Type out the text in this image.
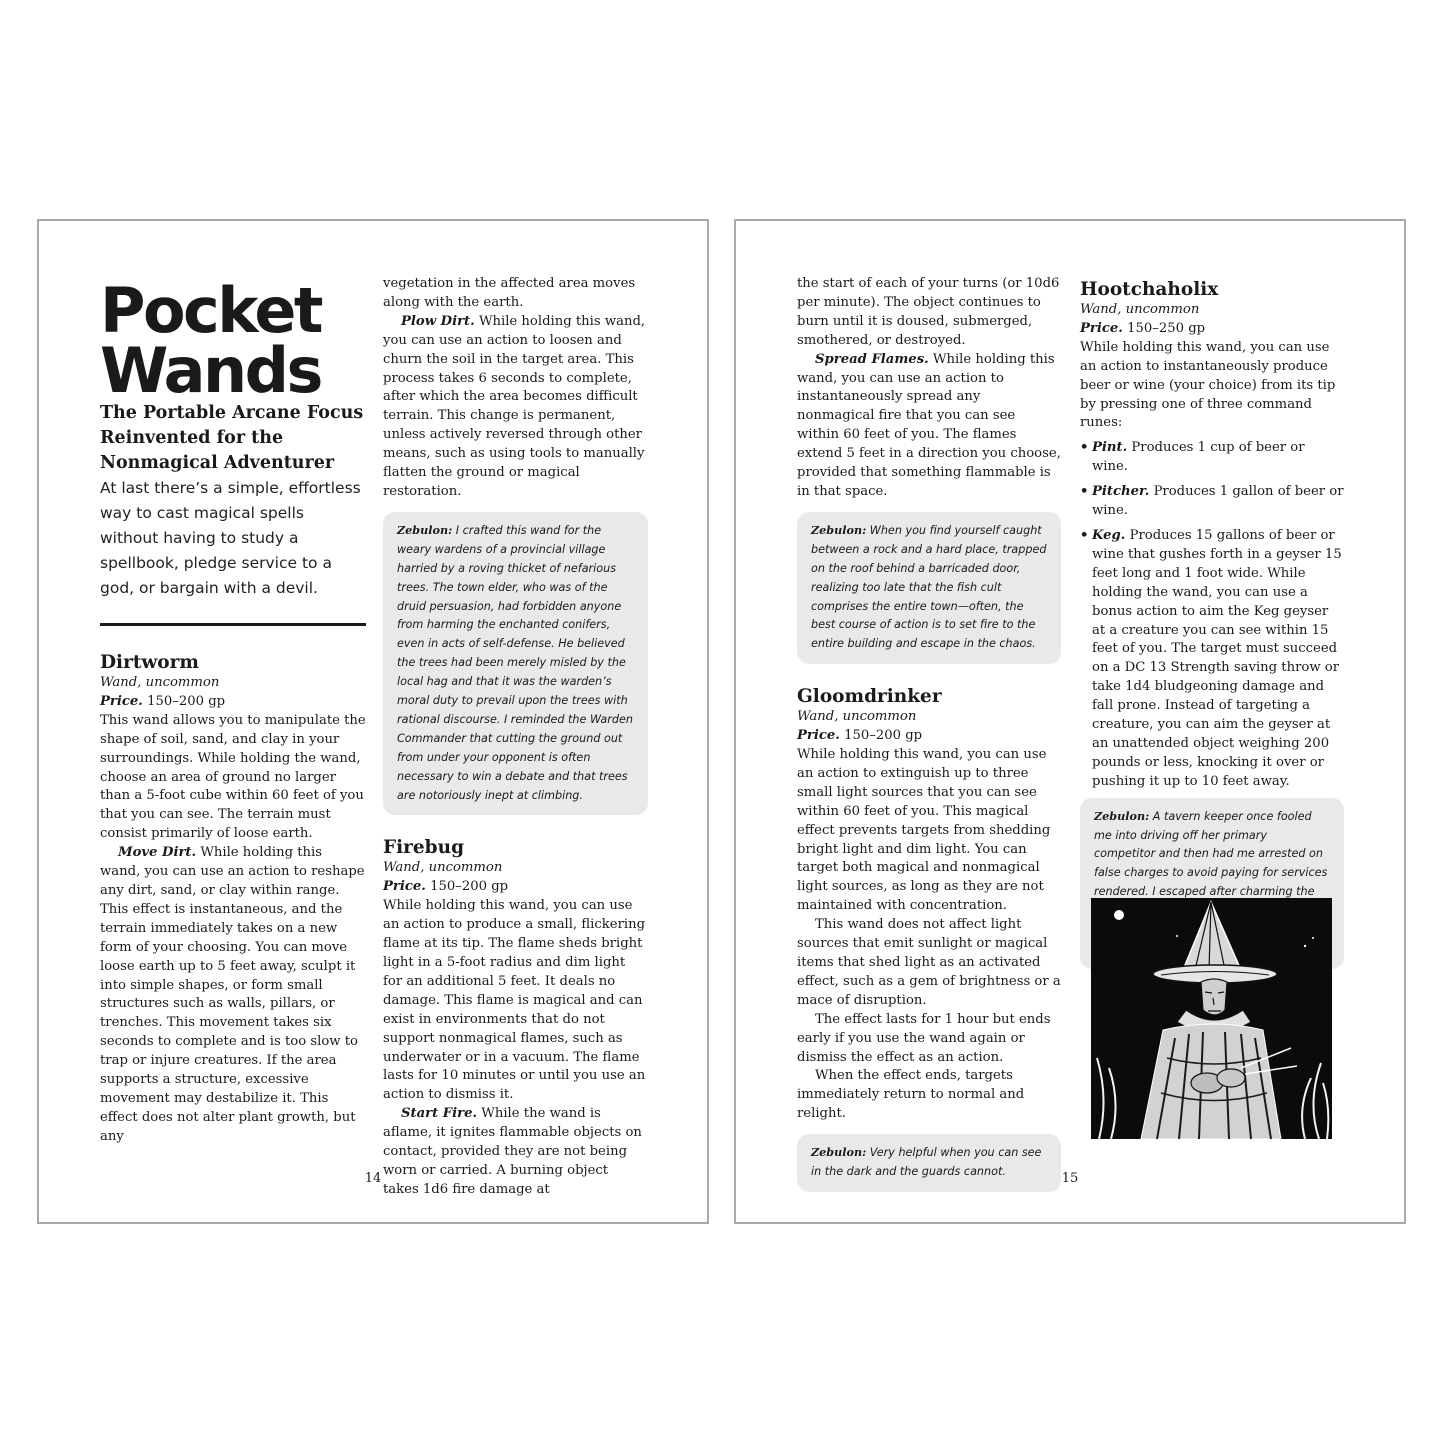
Pocket
Wands

The Portable Arcane Focus Reinvented for the Nonmagical Adventurer

At last there’s a simple, effortless way to cast magical spells without having to study a spellbook, pledge service to a god, or bargain with a devil.

Dirtworm

Wand, uncommon

Price. 150–200 gp

This wand allows you to manipulate the shape of soil, sand, and clay in your surroundings. While holding the wand, choose an area of ground no larger than a 5-foot cube within 60 feet of you that you can see. The terrain must consist primarily of loose earth.

Move Dirt. While holding this wand, you can use an action to reshape any dirt, sand, or clay within range. This effect is instantaneous, and the terrain immediately takes on a new form of your choosing. You can move loose earth up to 5 feet away, sculpt it into simple shapes, or form small structures such as walls, pillars, or trenches. This movement takes six seconds to complete and is too slow to trap or injure creatures. If the area supports a structure, excessive movement may destabilize it. This effect does not alter plant growth, but any

vegetation in the affected area moves along with the earth.

Plow Dirt. While holding this wand, you can use an action to loosen and churn the soil in the target area. This process takes 6 seconds to complete, after which the area becomes difficult terrain. This change is permanent, unless actively reversed through other means, such as using tools to manually flatten the ground or magical restoration.

Zebulon: I crafted this wand for the weary wardens of a provincial village harried by a roving thicket of nefarious trees. The town elder, who was of the druid persuasion, had forbidden anyone from harming the enchanted conifers, even in acts of self-defense. He believed the trees had been merely misled by the local hag and that it was the warden’s moral duty to prevail upon the trees with rational discourse. I reminded the Warden Commander that cutting the ground out from under your opponent is often necessary to win a debate and that trees are notoriously inept at climbing.
Firebug

Wand, uncommon

Price. 150–200 gp

While holding this wand, you can use an action to produce a small, flickering flame at its tip. The flame sheds bright light in a 5-foot radius and dim light for an additional 5 feet. It deals no damage. This flame is magical and can exist in environments that do not support nonmagical flames, such as underwater or in a vacuum. The flame lasts for 10 minutes or until you use an action to dismiss it.

Start Fire. While the wand is aflame, it ignites flammable objects on contact, provided they are not being worn or carried. A burning object takes 1d6 fire damage at

14

the start of each of your turns (or 10d6 per minute). The object continues to burn until it is doused, submerged, smothered, or destroyed.

Spread Flames. While holding this wand, you can use an action to instantaneously spread any nonmagical fire that you can see within 60 feet of you. The flames extend 5 feet in a direction you choose, provided that something flammable is in that space.

Zebulon: When you find yourself caught between a rock and a hard place, trapped on the roof behind a barricaded door, realizing too late that the fish cult comprises the entire town—often, the best course of action is to set fire to the entire building and escape in the chaos.
Gloomdrinker

Wand, uncommon

Price. 150–200 gp

While holding this wand, you can use an action to extinguish up to three small light sources that you can see within 60 feet of you. This magical effect prevents targets from shedding bright light and dim light. You can target both magical and nonmagical light sources, as long as they are not maintained with concentration.

This wand does not affect light sources that emit sunlight or magical items that shed light as an activated effect, such as a gem of brightness or a mace of disruption.

The effect lasts for 1 hour but ends early if you use the wand again or dismiss the effect as an action.

When the effect ends, targets immediately return to normal and relight.

Zebulon: Very helpful when you can see in the dark and the guards cannot.
Hootchaholix

Wand, uncommon

Price. 150–250 gp

While holding this wand, you can use an action to instantaneously produce beer or wine (your choice) from its tip by pressing one of three command runes:

• Pint. Produces 1 cup of beer or wine.
• Pitcher. Produces 1 gallon of beer or wine.
• Keg. Produces 15 gallons of beer or wine that gushes forth in a geyser 15 feet long and 1 foot wide. While holding the wand, you can use a bonus action to aim the Keg geyser at a creature you can see within 15 feet of you. The target must succeed on a DC 13 Strength saving throw or take 1d4 bludgeoning damage and fall prone. Instead of targeting a creature, you can aim the geyser at an unattended object weighing 200 pounds or less, knocking it over or pushing it up to 10 feet away.
Zebulon: A tavern keeper once fooled me into driving off her primary competitor and then had me arrested on false charges to avoid paying for services rendered. I escaped after charming the
15
